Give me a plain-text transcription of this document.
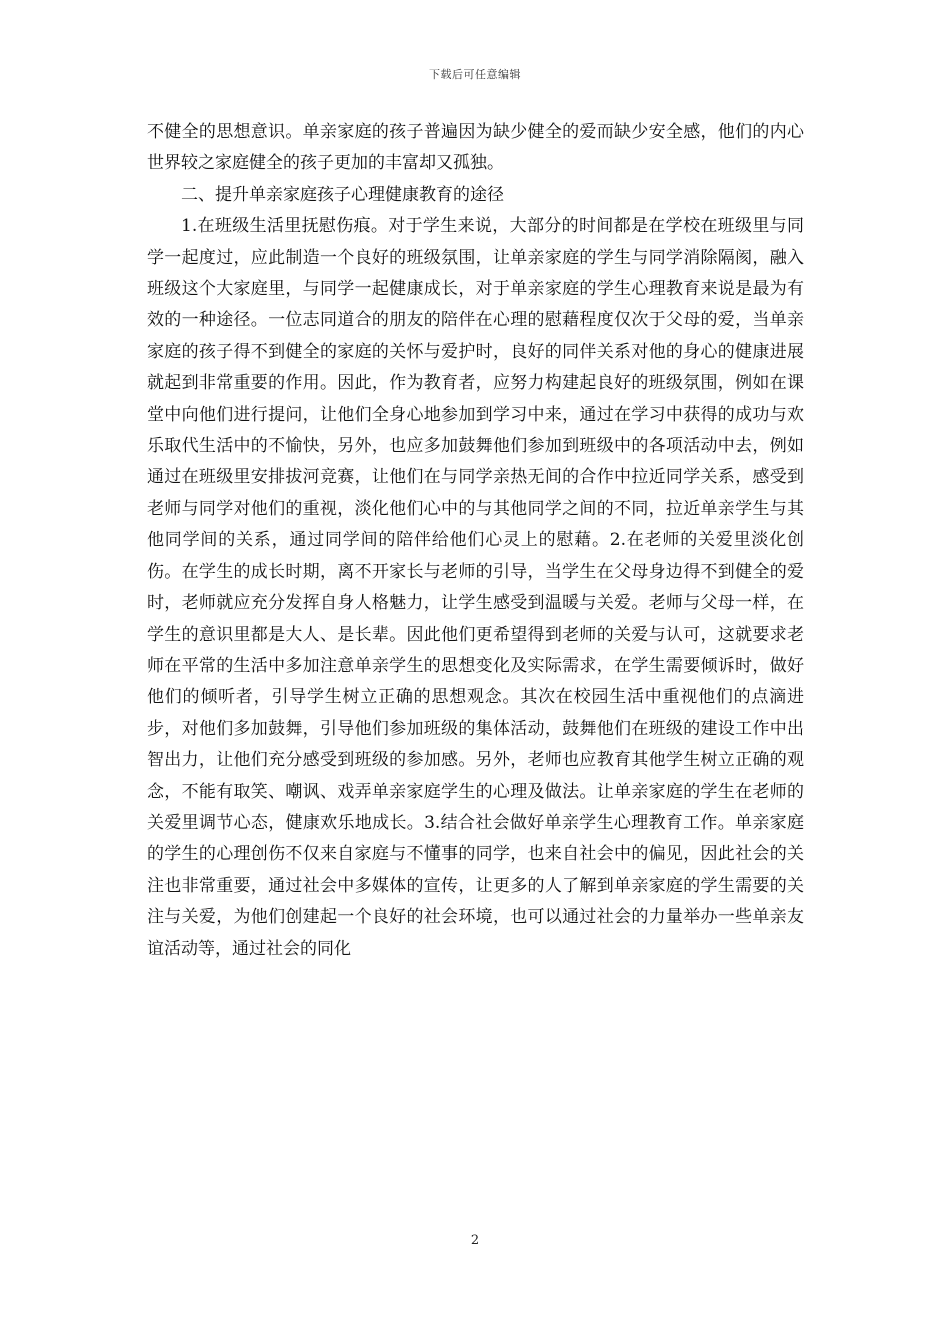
下载后可任意编辑

不健全的思想意识。单亲家庭的孩子普遍因为缺少健全的爱而缺少安全感，他们的内心世界较之家庭健全的孩子更加的丰富却又孤独。

二、提升单亲家庭孩子心理健康教育的途径

1.在班级生活里抚慰伤痕。对于学生来说，大部分的时间都是在学校在班级里与同学一起度过，应此制造一个良好的班级氛围，让单亲家庭的学生与同学消除隔阂，融入班级这个大家庭里，与同学一起健康成长，对于单亲家庭的学生心理教育来说是最为有效的一种途径。一位志同道合的朋友的陪伴在心理的慰藉程度仅次于父母的爱，当单亲家庭的孩子得不到健全的家庭的关怀与爱护时，良好的同伴关系对他的身心的健康进展就起到非常重要的作用。因此，作为教育者，应努力构建起良好的班级氛围，例如在课堂中向他们进行提问，让他们全身心地参加到学习中来，通过在学习中获得的成功与欢乐取代生活中的不愉快，另外，也应多加鼓舞他们参加到班级中的各项活动中去，例如通过在班级里安排拔河竞赛，让他们在与同学亲热无间的合作中拉近同学关系，感受到老师与同学对他们的重视，淡化他们心中的与其他同学之间的不同，拉近单亲学生与其他同学间的关系，通过同学间的陪伴给他们心灵上的慰藉。2.在老师的关爱里淡化创伤。在学生的成长时期，离不开家长与老师的引导，当学生在父母身边得不到健全的爱时，老师就应充分发挥自身人格魅力，让学生感受到温暖与关爱。老师与父母一样，在学生的意识里都是大人、是长辈。因此他们更希望得到老师的关爱与认可，这就要求老师在平常的生活中多加注意单亲学生的思想变化及实际需求，在学生需要倾诉时，做好他们的倾听者，引导学生树立正确的思想观念。其次在校园生活中重视他们的点滴进步，对他们多加鼓舞，引导他们参加班级的集体活动，鼓舞他们在班级的建设工作中出智出力，让他们充分感受到班级的参加感。另外，老师也应教育其他学生树立正确的观念，不能有取笑、嘲讽、戏弄单亲家庭学生的心理及做法。让单亲家庭的学生在老师的关爱里调节心态，健康欢乐地成长。3.结合社会做好单亲学生心理教育工作。单亲家庭的学生的心理创伤不仅来自家庭与不懂事的同学，也来自社会中的偏见，因此社会的关注也非常重要，通过社会中多媒体的宣传，让更多的人了解到单亲家庭的学生需要的关注与关爱，为他们创建起一个良好的社会环境，也可以通过社会的力量举办一些单亲友谊活动等，通过社会的同化

2
